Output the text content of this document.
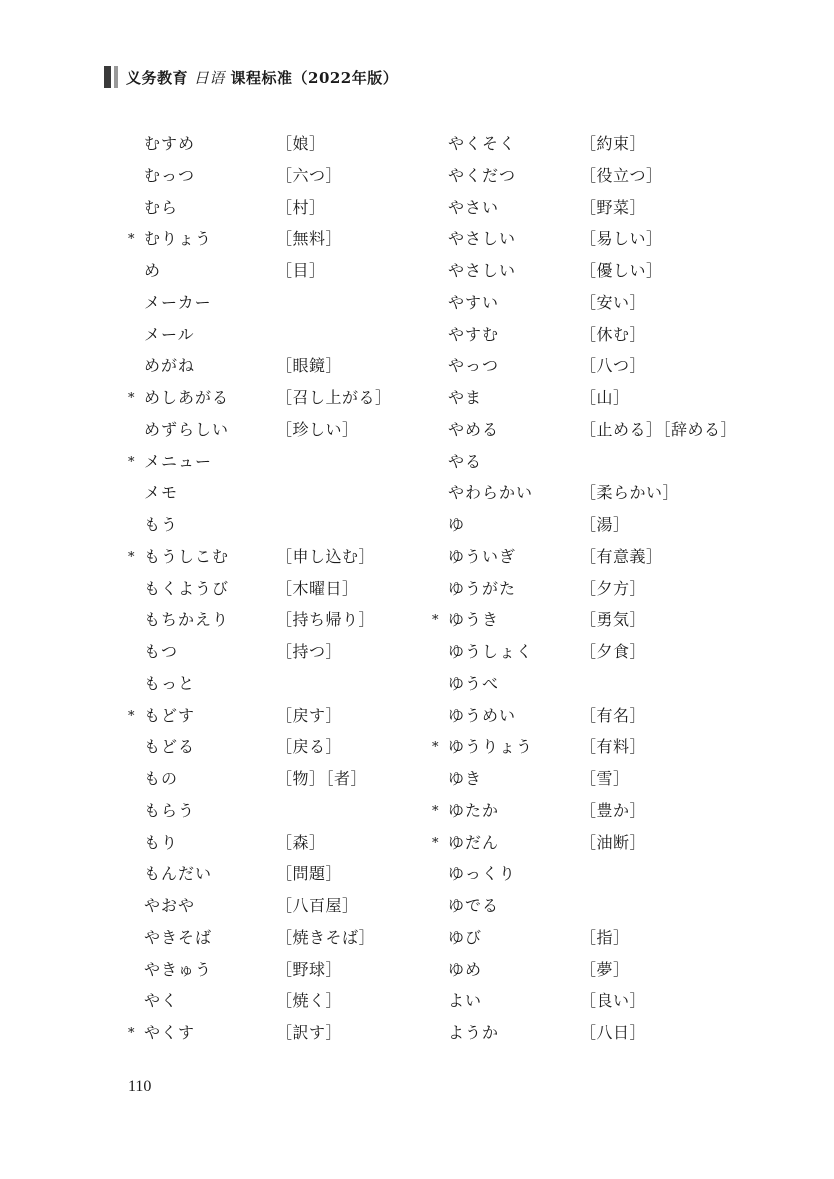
义务教育 日语 课程标准（2022年版）
むすめ	［娘］
むっつ	［六つ］
むら	［村］
* むりょう	［無料］
め	［目］
メーカー
メール
めがね	［眼鏡］
* めしあがる	［召し上がる］
めずらしい	［珍しい］
* メニュー
メモ
もう
* もうしこむ	［申し込む］
もくようび	［木曜日］
もちかえり	［持ち帰り］
もつ	［持つ］
もっと
* もどす	［戻す］
もどる	［戻る］
もの	［物］［者］
もらう
もり	［森］
もんだい	［問題］
やおや	［八百屋］
やきそば	［焼きそば］
やきゅう	［野球］
やく	［焼く］
* やくす	［訳す］
やくそく	［約束］
やくだつ	［役立つ］
やさい	［野菜］
やさしい	［易しい］
やさしい	［優しい］
やすい	［安い］
やすむ	［休む］
やっつ	［八つ］
やま	［山］
やめる	［止める］［辞める］
やる
やわらかい	［柔らかい］
ゆ	［湯］
ゆういぎ	［有意義］
ゆうがた	［夕方］
* ゆうき	［勇気］
ゆうしょく	［夕食］
ゆうべ
ゆうめい	［有名］
* ゆうりょう	［有料］
ゆき	［雪］
* ゆたか	［豊か］
* ゆだん	［油断］
ゆっくり
ゆでる
ゆび	［指］
ゆめ	［夢］
よい	［良い］
ようか	［八日］
110
